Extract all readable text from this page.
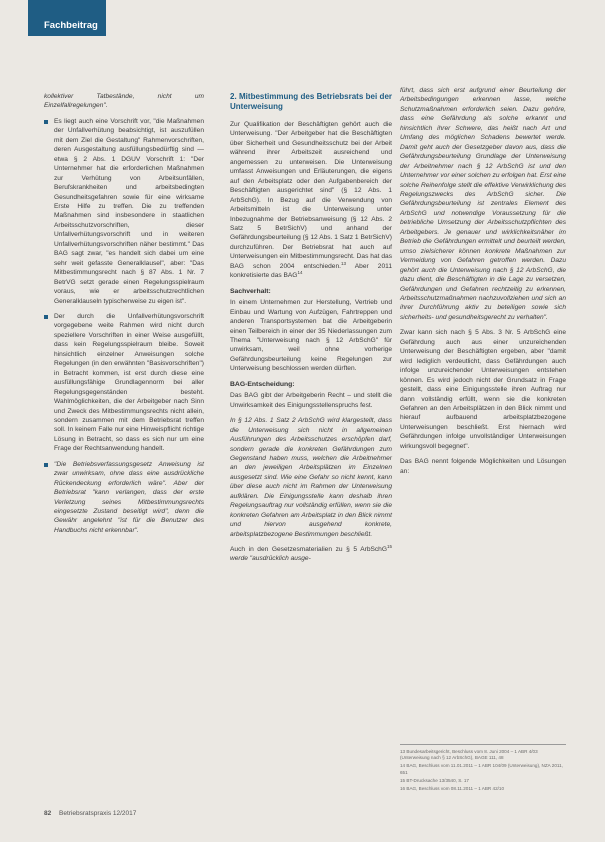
Fachbeitrag

kollektiver Tatbestände, nicht um Einzelfallregelungen".

Es liegt auch eine Vorschrift vor, "die Maßnahmen der Unfallverhütung beabsichtigt, ist auszufüllen mit dem Ziel die Gestaltung" Rahmenvorschriften, deren Ausgestaltung ausfüllungsbedürftig sind — etwa § 2 Abs. 1 DGUV Vorschrift 1: "Der Unternehmer hat die erforderlichen Maßnahmen zur Verhütung von Arbeitsunfällen, Berufskrankheiten und arbeitsbedingten Gesundheitsgefahren sowie für eine wirksame Erste Hilfe zu treffen. Die zu treffenden Maßnahmen sind insbesondere in staatlichen Arbeitsschutzvorschriften, dieser Unfallverhütungsvorschrift und in weiteren Unfallverhütungsvorschriften näher bestimmt." Das BAG sagt zwar, "es handelt sich dabei um eine sehr weit gefasste Generalklausel", aber: "Das Mitbestimmungsrecht nach § 87 Abs. 1 Nr. 7 BetrVG setzt gerade einen Regelungsspielraum voraus, wie er arbeitsschutzrechtlichen Generalklauseln typischerweise zu eigen ist".
Der durch die Unfallverhütungsvorschrift vorgegebene weite Rahmen wird nicht durch speziellere Vorschriften in einer Weise ausgefüllt, dass kein Regelungsspielraum bleibe. Soweit hinsichtlich einzelner Anweisungen solche Regelungen (in den erwähnten "Basisvorschriften") in Betracht kommen, ist erst durch diese eine ausfüllungsfähige Grundlagennorm bei aller Regelungsgegenständen besteht. Wahlmöglichkeiten, die der Arbeitgeber nach Sinn und Zweck des Mitbestimmungsrechts nicht allein, sondern zusammen mit dem Betriebsrat treffen soll. In keinem Falle nur eine Hinweispflicht richtige Lösung in Betracht, so dass es sich nur um eine Frage der Rechtsanwendung handelt.
"Die Betriebsverfassungsgesetz Anweisung ist zwar unwirksam, ohne dass eine ausdrückliche Rückendeckung erforderlich wäre". Aber der Betriebsrat "kann verlangen, dass der erste Verletzung seines Mitbestimmungsrechts eingesetzte Zustand beseitigt wird", denn die Gewähr angelehnt "ist für die Benutzer des Handbuchs nicht erkennbar".
2. Mitbestimmung des Betriebsrats bei der Unterweisung

Zur Qualifikation der Beschäftigten gehört auch die Unterweisung. "Der Arbeitgeber hat die Beschäftigten über Sicherheit und Gesundheitsschutz bei der Arbeit während ihrer Arbeitszeit ausreichend und angemessen zu unterweisen. Die Unterweisung umfasst Anweisungen und Erläuterungen, die eigens auf den Arbeitsplatz oder den Aufgabenbereich der Beschäftigten ausgerichtet sind" (§ 12 Abs. 1 ArbSchG). In Bezug auf die Verwendung von Arbeitsmitteln ist die Unterweisung unter Inbezugnahme der Betriebsanweisung (§ 12 Abs. 2 Satz 5 BetrSichV) und anhand der Gefährdungsbeurteilung (§ 12 Abs. 1 Satz 1 BetrSichV) durchzuführen. Der Betriebsrat hat auch auf Unterweisungen ein Mitbestimmungsrecht. Das hat das BAG schon 2004 entschieden.$^{13}$ Aber 2011 konkretisierte das BAG$^{14}$

Sachverhalt:

In einem Unternehmen zur Herstellung, Vertrieb und Einbau und Wartung von Aufzügen, Fahrtreppen und anderen Transportsystemen bat die Arbeitgeberin einen Teilbereich in einer der 35 Niederlassungen zum Thema "Unterweisung nach § 12 ArbSchG" für unwirksam, weil ohne vorherige Gefährdungsbeurteilung keine Regelungen zur Unterweisung beschlossen werden dürften.

BAG-Entscheidung:

Das BAG gibt der Arbeitgeberin Recht – und stellt die Unwirksamkeit des Einigungsstellenspruchs fest.

In § 12 Abs. 1 Satz 2 ArbSchG wird klargestellt, dass die Unterweisung sich nicht in allgemeinen Ausführungen des Arbeitsschutzes erschöpfen darf, sondern gerade die konkreten Gefährdungen zum Gegenstand haben muss, welchen die Arbeitnehmer an den jeweiligen Arbeitsplätzen im Einzelnen ausgesetzt sind. Wie eine Gefahr so nicht kennt, kann über diese auch nicht im Rahmen der Unterweisung aufklären. Die Einigungsstelle kann deshalb ihren Regelungsauftrag nur vollständig erfüllen, wenn sie die konkreten Gefahren am Arbeitsplatz in den Blick nimmt und hiervon ausgehend konkrete, arbeitsplatzbezogene Bestimmungen beschließt.

Auch in den Gesetzesmaterialien zu § 5 ArbSchG$^{15}$ werde "ausdrücklich ausge-

führt, dass sich erst aufgrund einer Beurteilung der Arbeitsbedingungen erkennen lasse, welche Schutzmaßnahmen erforderlich seien. Dazu gehöre, dass eine Gefährdung als solche erkannt und hinsichtlich ihrer Schwere, das heißt nach Art und Umfang des möglichen Schadens bewertet werde. Damit geht auch der Gesetzgeber davon aus, dass die Gefährdungsbeurteilung Grundlage der Unterweisung der Arbeitnehmer nach § 12 ArbSchG ist und den Unternehmer vor einer solchen zu erfolgen hat. Erst eine solche Reihenfolge stellt die effektive Verwirklichung des Regelungszwecks des ArbSchG sicher. Die Gefährdungsbeurteilung ist zentrales Element des ArbSchG und notwendige Voraussetzung für die betriebliche Umsetzung der Arbeitsschutzpflichten des Arbeitgebers. Je genauer und wirklichkeitsnäher im Betrieb die Gefährdungen ermittelt und beurteilt werden, umso zielsicherer können konkrete Maßnahmen zur Vermeidung von Gefahren getroffen werden. Dazu gehört auch die Unterweisung nach § 12 ArbSchG, die dazu dient, die Beschäftigten in die Lage zu versetzen, Gefährdungen und Gefahren rechtzeitig zu erkennen, Arbeitsschutzmaßnahmen nachzuvollziehen und sich an ihrer Durchführung aktiv zu beteiligen sowie sich sicherheits- und gesundheitsgerecht zu verhalten".

Zwar kann sich nach § 5 Abs. 3 Nr. 5 ArbSchG eine Gefährdung auch aus einer unzureichenden Unterweisung der Beschäftigten ergeben, aber "damit wird lediglich verdeutlicht, dass Gefährdungen auch infolge unzureichender Unterweisungen entstehen können. Es wird jedoch nicht der Grundsatz in Frage gestellt, dass eine Einigungsstelle ihren Auftrag nur dann vollständig erfüllt, wenn sie die konkreten Gefahren an den Arbeitsplätzen in den Blick nimmt und hierauf aufbauend arbeitsplatzbezogene Unterweisungen beschließt. Erst hiernach wird Gefährdungen infolge unvollständiger Unterweisungen wirkungsvoll begegnet".

Das BAG nennt folgende Möglichkeiten und Lösungen an:

13 Bundesarbeitsgericht, Beschluss vom 8. Juni 2004 – 1 ABR 4/03 (Unterweisung nach § 12 ArbSchG), BAGE 111, 48

14 BAG, Beschluss vom 11.01.2011 – 1 ABR 104/09 (Unterweisung), NZA 2011, 651

15 BT-Drucksache 13/3540, S. 17

16 BAG, Beschluss vom 08.11.2011 – 1 ABR 42/10

82 Betriebsratspraxis 12/2017
